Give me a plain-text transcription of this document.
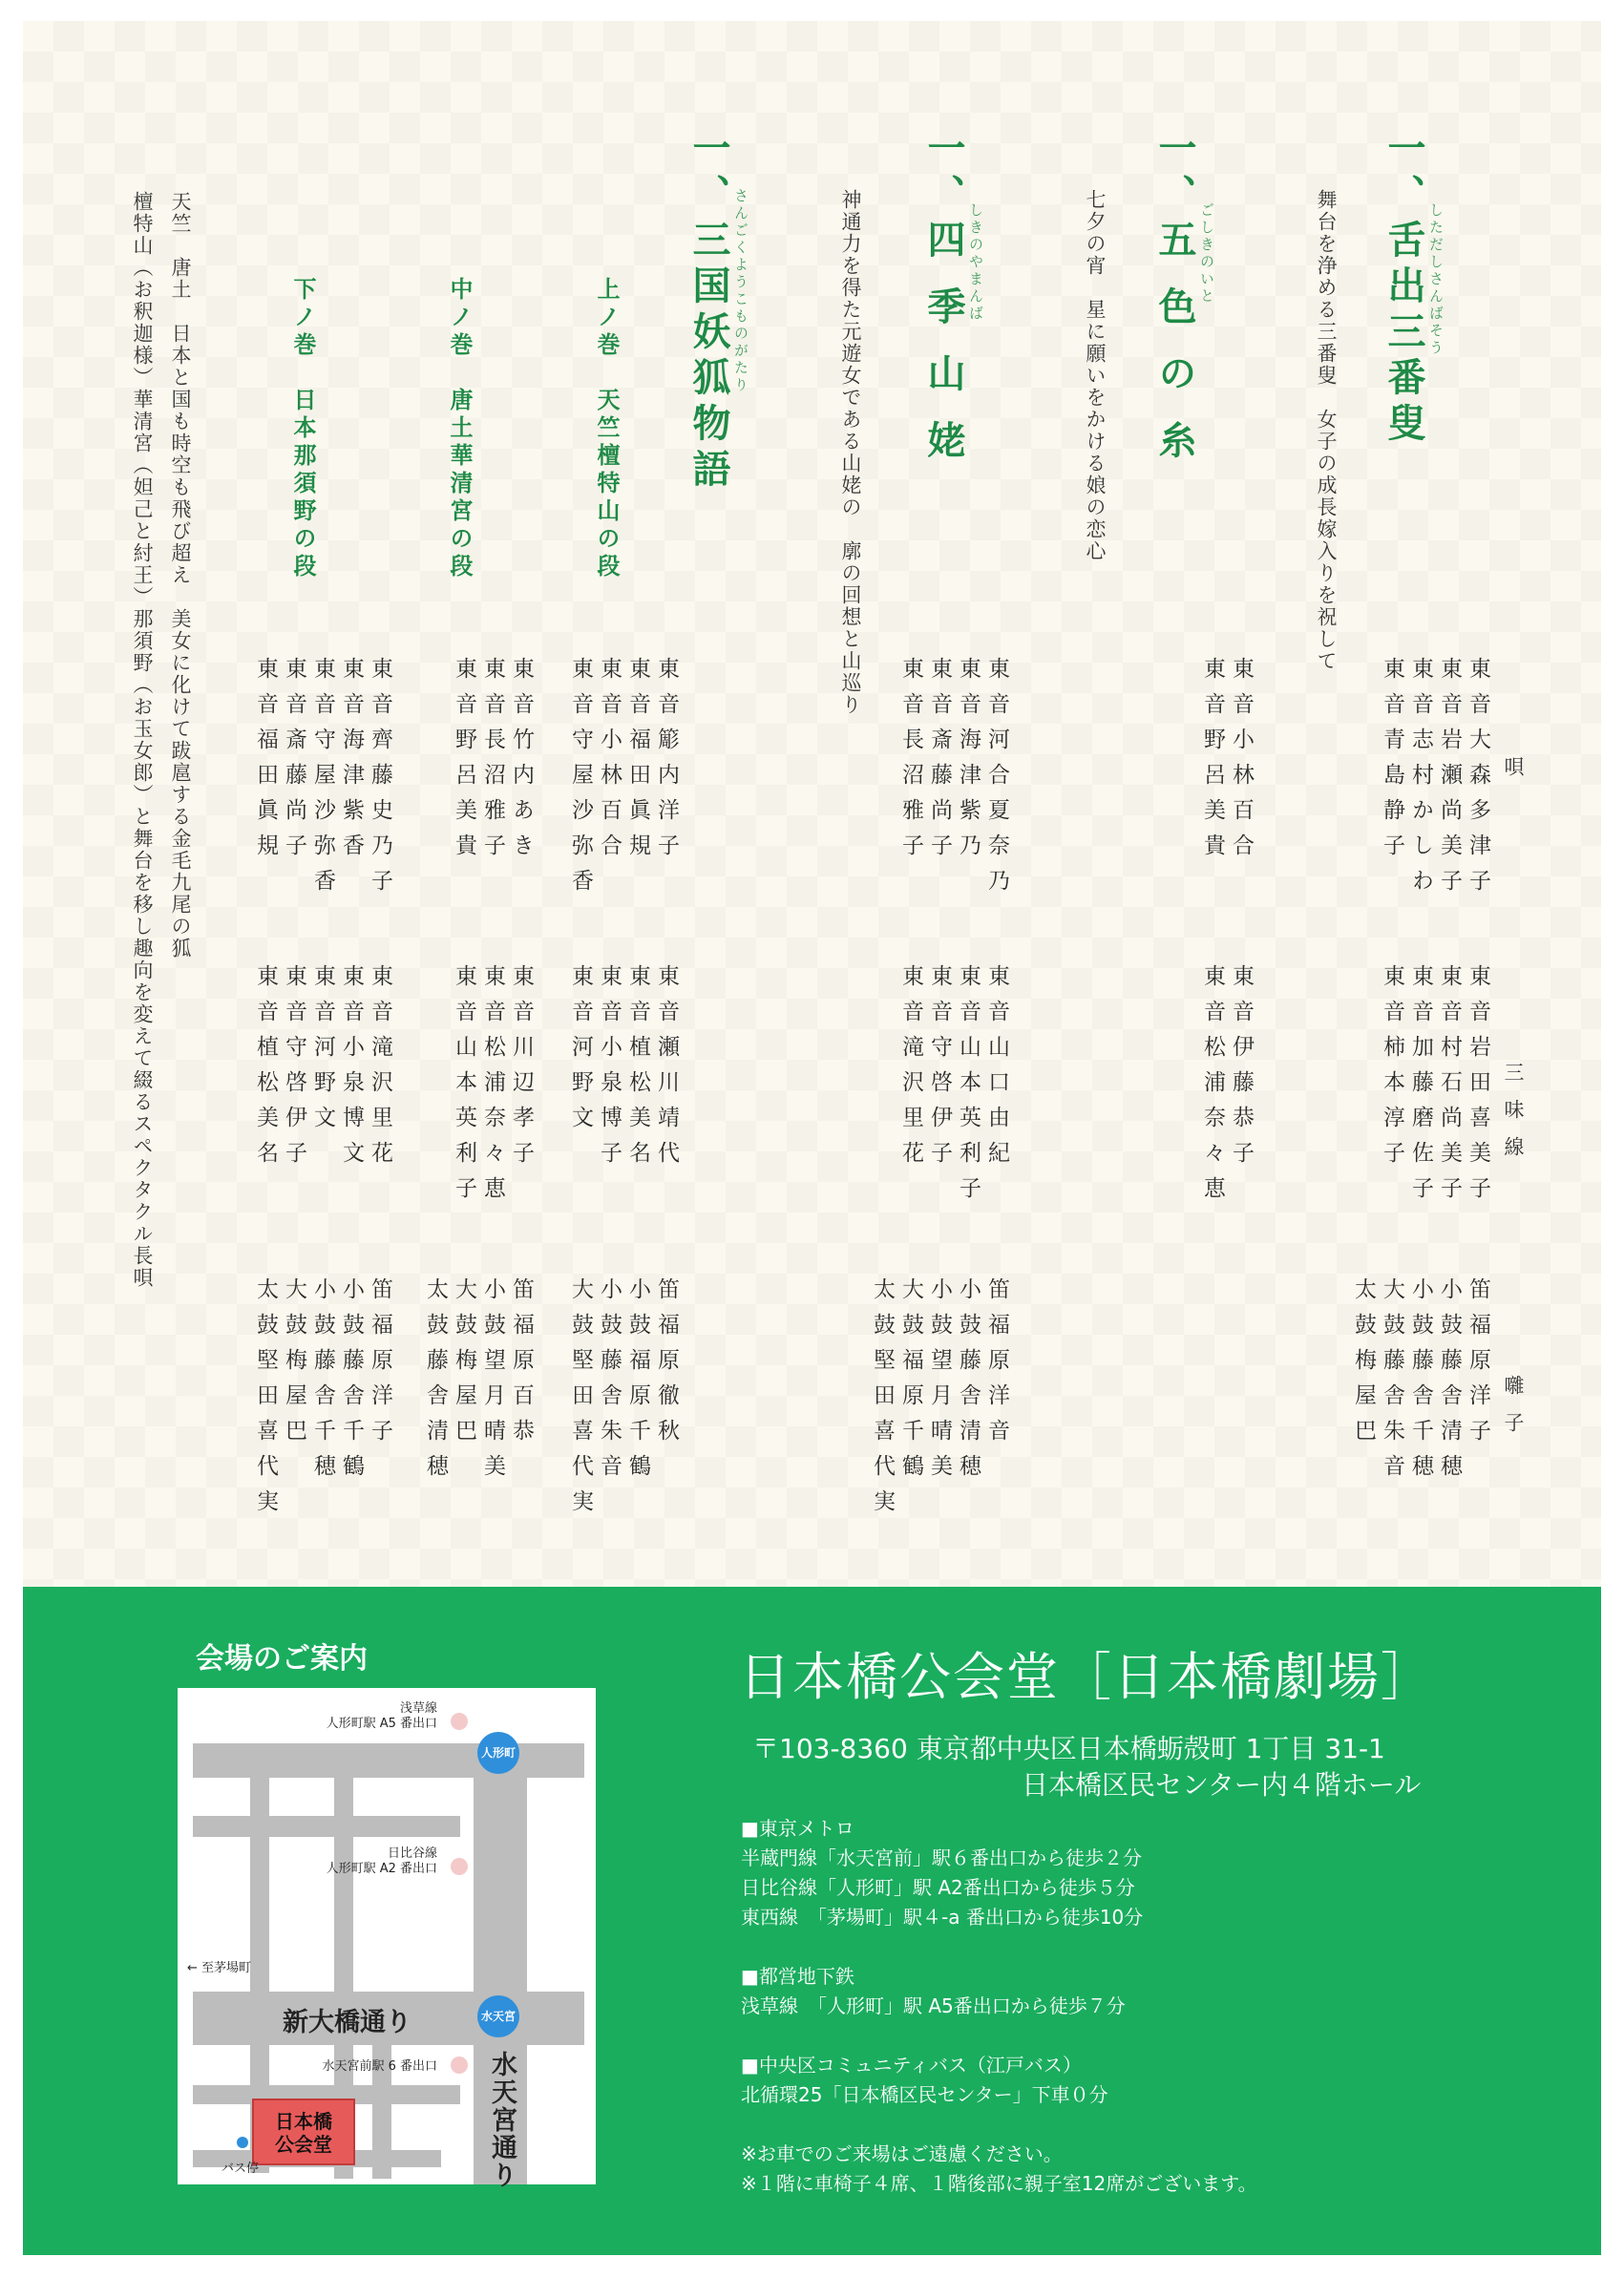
一、舌出三番叟 しただしさんばそう
舞台を浄める三番叟　女子の成長嫁入りを祝して
一、五 色 の 糸 ごしきのいと
七夕の宵　星に願いをかける娘の恋心
一、四 季 山 姥 しきのやまんば
神通力を得た元遊女である山姥の　廓の回想と山巡り
一、三国妖狐物語 さんごくようこものがたり
上ノ巻　天竺檀特山の段
中ノ巻　唐土華清宮の段
下ノ巻　日本那須野の段
天竺　唐土　日本と国も時空も飛び超え　美女に化けて跋扈する金毛九尾の狐
檀特山（お釈迦様）華清宮（妲己と紂王）那須野（お玉女郎）と舞台を移し趣向を変えて綴るスペクタクル長唄	唄
三味線
囃子
東音大森多津子
東音岩瀬尚美子
東音志村かしわ
東音青島静子
東音岩田喜美子
東音村石尚美子
東音加藤磨佐子
東音柿本淳子
笛福原洋子
小鼓藤舎清穂
小鼓藤舎千穂
大鼓藤舎朱音
太鼓梅屋巴
東音小林百合
東音野呂美貴
東音伊藤恭子
東音松浦奈々恵
東音河合夏奈乃
東音海津紫乃
東音斎藤尚子
東音長沼雅子
東音山口由紀
東音山本英利子
東音守啓伊子
東音滝沢里花
笛福原洋音
小鼓藤舎清穂
小鼓望月晴美
大鼓福原千鶴
太鼓堅田喜代実
東音簓内洋子
東音福田眞規
東音小林百合
東音守屋沙弥香
東音瀬川靖代
東音植松美名
東音小泉博子
東音河野文
笛福原徹秋
小鼓福原千鶴
小鼓藤舎朱音
大鼓堅田喜代実
東音竹内あき
東音長沼雅子
東音野呂美貴
東音川辺孝子
東音松浦奈々恵
東音山本英利子
笛福原百恭
小鼓望月晴美
大鼓梅屋巴
太鼓藤舎清穂
東音齊藤史乃子
東音海津紫香
東音守屋沙弥香
東音斎藤尚子
東音福田眞規
東音滝沢里花
東音小泉博文
東音河野文
東音守啓伊子
東音植松美名
笛福原洋子
小鼓藤舎千鶴
小鼓藤舎千穂
大鼓梅屋巴
太鼓堅田喜代実
会場のご案内
浅草線
人形町駅 A5 番出口
人形町
日比谷線
人形町駅 A2 番出口
← 至茅場町
新大橋通り	水天宮
水天宮前駅 6 番出口 水天宮通り
日本橋
公会堂
バス停
日本橋公会堂［日本橋劇場］
〒103-8360 東京都中央区日本橋蛎殻町 1丁目 31-1
日本橋区民センター内４階ホール
■東京メトロ
半蔵門線「水天宮前」駅６番出口から徒歩２分
日比谷線「人形町」駅 A2番出口から徒歩５分
東西線　「茅場町」駅４-a 番出口から徒歩10分
■都営地下鉄
浅草線　「人形町」駅 A5番出口から徒歩７分
■中央区コミュニティバス（江戸バス）
北循環25「日本橋区民センター」下車０分
※お車でのご来場はご遠慮ください。
※１階に車椅子４席、１階後部に親子室12席がございます。
